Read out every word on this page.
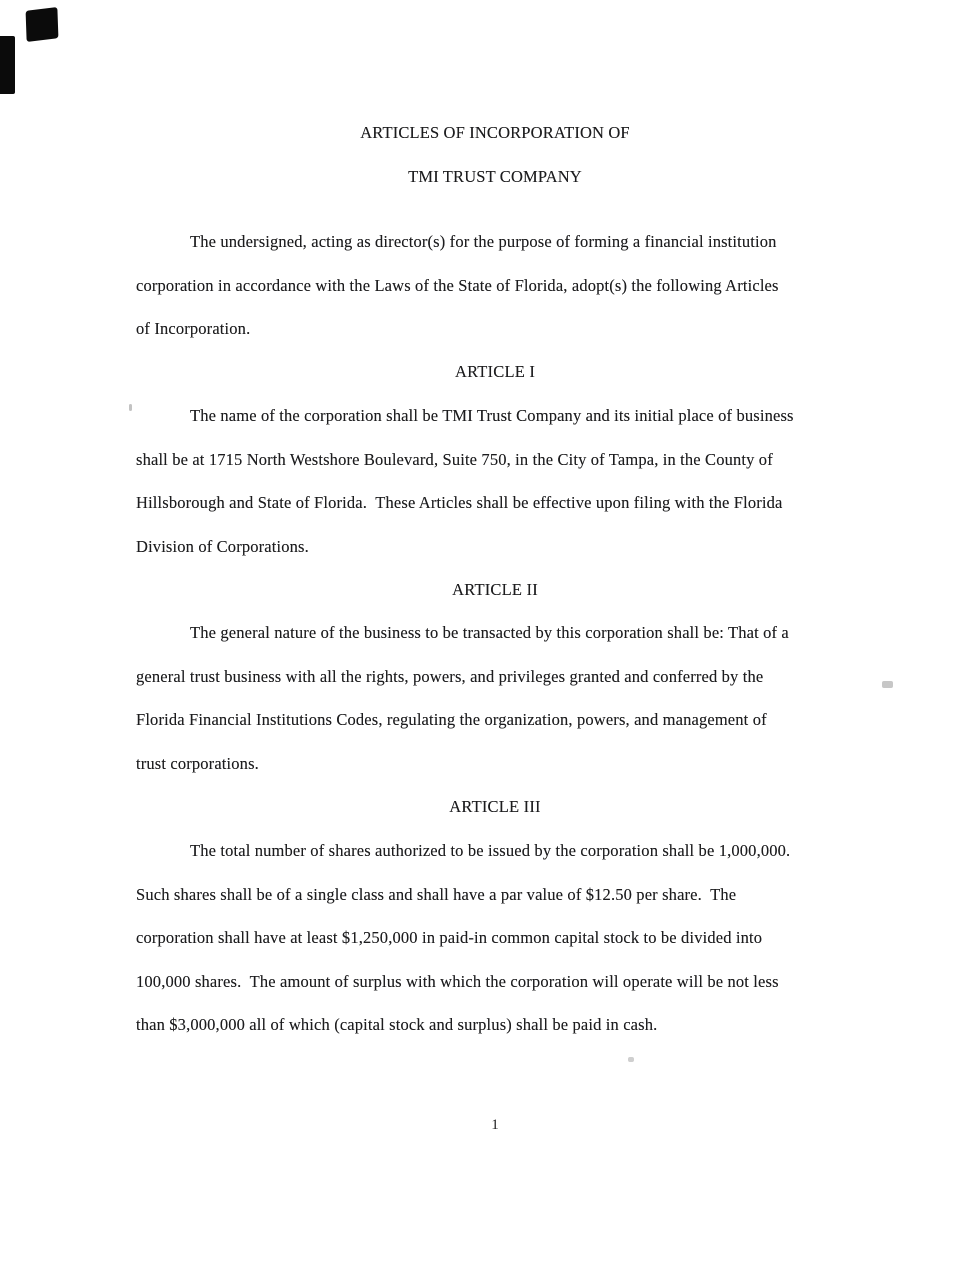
ARTICLES OF INCORPORATION OF
TMI TRUST COMPANY
The undersigned, acting as director(s) for the purpose of forming a financial institution
corporation in accordance with the Laws of the State of Florida, adopt(s) the following Articles
of Incorporation.
ARTICLE I
The name of the corporation shall be TMI Trust Company and its initial place of business
shall be at 1715 North Westshore Boulevard, Suite 750, in the City of Tampa, in the County of
Hillsborough and State of Florida.  These Articles shall be effective upon filing with the Florida
Division of Corporations.
ARTICLE II
The general nature of the business to be transacted by this corporation shall be: That of a
general trust business with all the rights, powers, and privileges granted and conferred by the
Florida Financial Institutions Codes, regulating the organization, powers, and management of
trust corporations.
ARTICLE III
The total number of shares authorized to be issued by the corporation shall be 1,000,000.
Such shares shall be of a single class and shall have a par value of $12.50 per share.  The
corporation shall have at least $1,250,000 in paid-in common capital stock to be divided into
100,000 shares.  The amount of surplus with which the corporation will operate will be not less
than $3,000,000 all of which (capital stock and surplus) shall be paid in cash.
1
